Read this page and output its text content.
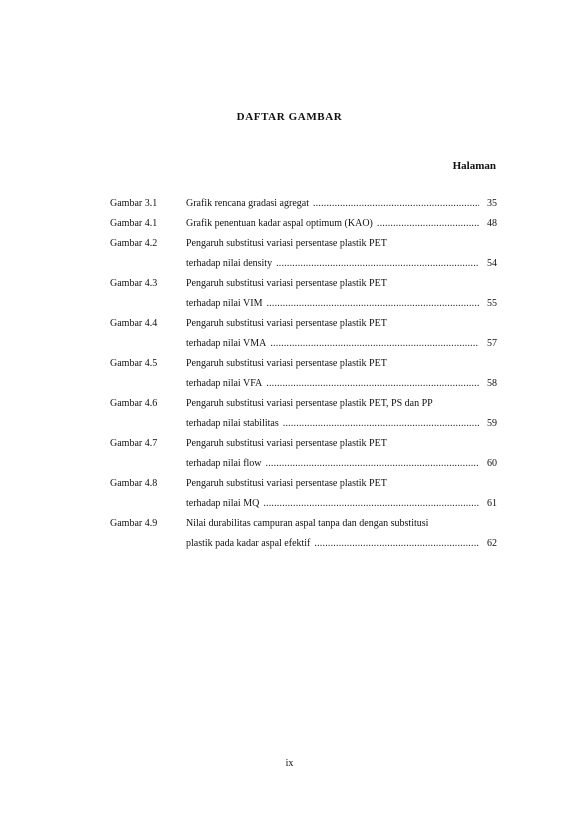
DAFTAR GAMBAR
Halaman
Gambar 3.1	Grafik rencana gradasi agregat .....	35
Gambar 4.1	Grafik penentuan kadar aspal optimum (KAO) .....	48
Gambar 4.2	Pengaruh substitusi variasi persentase plastik PET
terhadap nilai density .....	54
Gambar 4.3	Pengaruh substitusi variasi persentase plastik PET
terhadap nilai VIM .....	55
Gambar 4.4	Pengaruh substitusi variasi persentase plastik PET
terhadap nilai VMA .....	57
Gambar 4.5	Pengaruh substitusi variasi persentase plastik PET
terhadap nilai VFA .....	58
Gambar 4.6	Pengaruh substitusi variasi persentase plastik PET, PS dan PP
terhadap nilai stabilitas .....	59
Gambar 4.7	Pengaruh substitusi variasi persentase plastik PET
terhadap nilai flow .....	60
Gambar 4.8	Pengaruh substitusi variasi persentase plastik PET
terhadap nilai MQ .....	61
Gambar 4.9	Nilai durabilitas campuran aspal tanpa dan dengan substitusi
plastik pada kadar aspal efektif .....	62
ix
